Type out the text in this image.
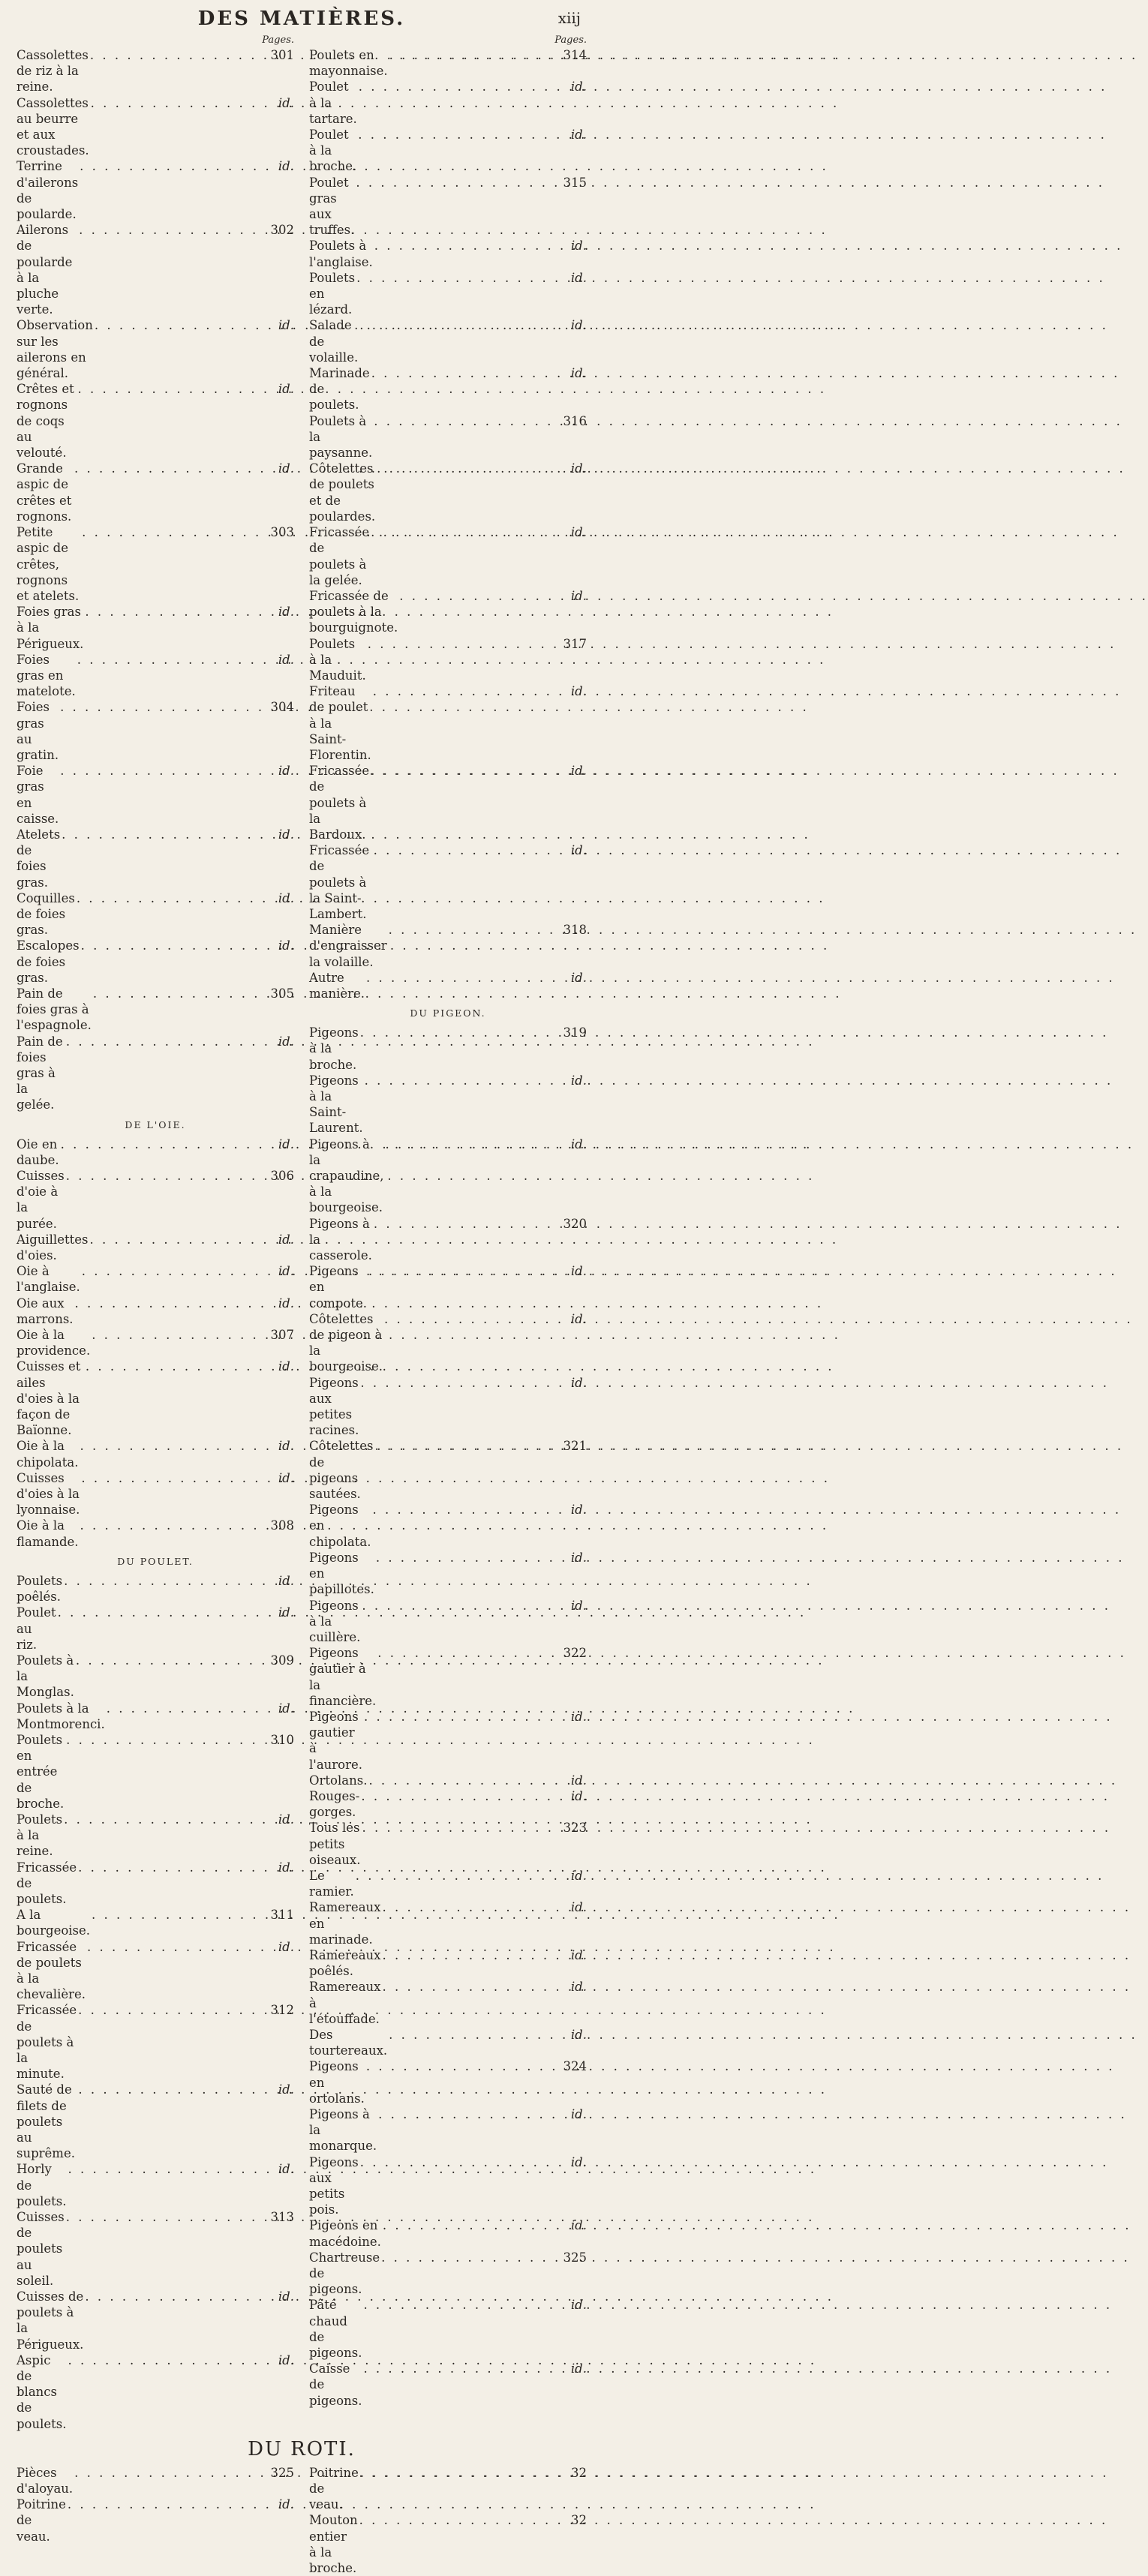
DES MATIÈRES.	xiij
Pages.
Cassolettes de riz à la reine.
. . .
301
Cassolettes au beurre et aux croustades.
. . .
id.
Terrine d'ailerons de poularde.
. . .
id.
Ailerons de poularde à la pluche verte.
. . .
302
Observation sur les ailerons en général.
. . .
id.
Crêtes et rognons de coqs au velouté.
. . .
id.
Grande aspic de crêtes et rognons.
. . .
id.
Petite aspic de crêtes, rognons et atelets.
. . .
303
Foies gras à la Périgueux.
. . .
id.
Foies gras en matelote.
. . .
id.
Foies gras au gratin.
. . .
304
Foie gras en caisse.
. . .
id.
Atelets de foies gras.
. . .
id.
Coquilles de foies gras.
. . .
id.
Escalopes de foies gras.
. . .
id.
Pain de foies gras à l'espagnole.
. . .
305
Pain de foies gras à la gelée.
. . .
id.
DE L'OIE.
Oie en daube.
. . .
id.
Cuisses d'oie à la purée.
. . .
306
Aiguillettes d'oies.
. . .
id.
Oie à l'anglaise.
. . .
id.
Oie aux marrons.
. . .
id.
Oie à la providence.
. . .
307
Cuisses et ailes d'oies à la façon de Baïonne.
. . .
id.
Oie à la chipolata.
. . .
id.
Cuisses d'oies à la lyonnaise.
. . .
id.
Oie à la flamande.
. . .
308
DU POULET.
Poulets poêlés.
. . .
id.
Poulet au riz.
. . .
id.
Poulets à la Monglas.
. . .
309
Poulets à la Montmorenci.
. . .
id.
Poulets en entrée de broche.
. . .
310
Poulets à la reine.
. . .
id.
Fricassée de poulets.
. . .
id.
A la bourgeoise.
. . .
311
Fricassée de poulets à la chevalière.
. . .
id.
Fricassée de poulets à la minute.
. . .
312
Sauté de filets de poulets au suprême.
. . .
id.
Horly de poulets.
. . .
id.
Cuisses de poulets au soleil.
. . .
313
Cuisses de poulets à la Périgueux.
. . .
id.
Aspic de blancs de poulets.
. . .
id.
Pages.
Poulets en mayonnaise.
. . .
314
Poulet à la tartare.
. . .
id.
Poulet à la broche.
. . .
id.
Poulet gras aux truffes.
. . .
315
Poulets à l'anglaise.
. . .
id.
Poulets en lézard.
. . .
id.
Salade de volaille.
. . .
id.
Marinade de poulets.
. . .
id.
Poulets à la paysanne.
. . .
316
Côtelettes de poulets et de poulardes.
. . .
id.
Fricassée de poulets à la gelée.
. . .
id.
Fricassée de poulets à la bourguignote.
. . .
id.
Poulets à la Mauduit.
. . .
317
Friteau de poulet à la Saint-Florentin.
. . .
id.
Fricassée de poulets à la Bardoux.
. . .
id.
Fricassée de poulets à la Saint-Lambert.
. . .
id.
Manière d'engraisser la volaille.
. . .
318
Autre manière.
. . .
id.
DU PIGEON.
Pigeons à la broche.
. . .
319
Pigeons à la Saint-Laurent.
. . .
id.
Pigeons à la crapaudine, à la bourgeoise.
. . .
id.
Pigeons à la casserole.
. . .
320
Pigeons en compote.
. . .
id.
Côtelettes de pigeon à la bourgeoise.
. . .
id.
Pigeons aux petites racines.
. . .
id.
Côtelettes de pigeons sautées.
. . .
321
Pigeons en chipolata.
. . .
id.
Pigeons en papillotes.
. . .
id.
Pigeons à la cuillère.
. . .
id.
Pigeons gautier à la financière.
. . .
322
Pigeons gautier à l'aurore.
. . .
id.
Ortolans.
. . .	id.
Rouges-gorges.
. . .
id.
Tous les petits oiseaux.
. . .
323
Le ramier.
. . .
id.
Ramereaux en marinade.
. . .
id.
Ramereaux poêlés.
. . .
id.
Ramereaux à l'étouffade.
. . .
id.
Des tourtereaux.
. . .
id.
Pigeons en ortolans.
. . .
324
Pigeons à la monarque.
. . .
id.
Pigeons aux petits pois.
. . .
id.
Pigeons en macédoine.
. . .
id.
Chartreuse de pigeons.
. . .
325
Pâté chaud de pigeons.
. . .
id.
Caisse de pigeons.
. . .
id.
DU ROTI.
Pièces d'aloyau.
. . .
325
Poitrine de veau.
. . .
id.
Poitrine de veau.
. . .
32
Mouton entier à la broche.
. . .
32
